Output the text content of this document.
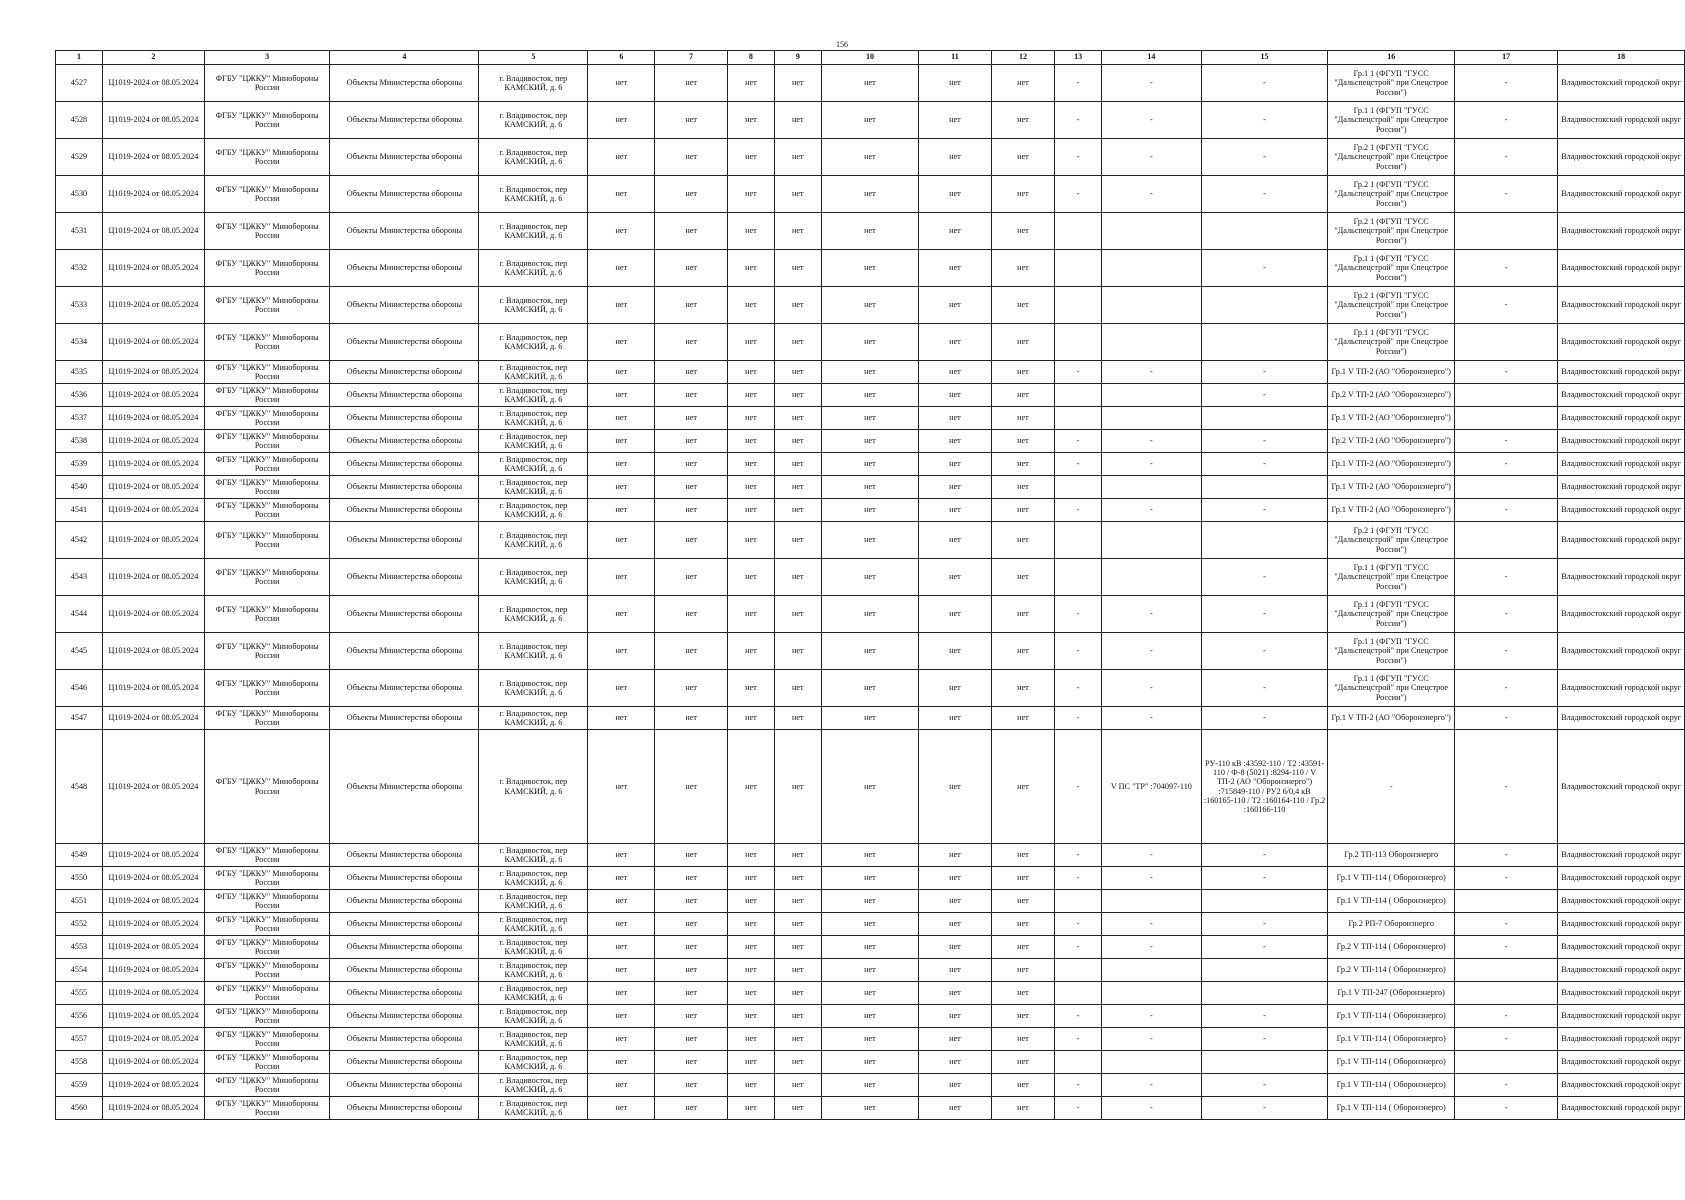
156
1	2	3	4	5	6	7	8	9	10	11	12	13	14	15	16	17	18
4527	Ц1019-2024 от 08.05.2024	ФГБУ "ЦЖКУ" Минобороны России	Объекты Министерства обороны	г. Владивосток, пер КАМСКИЙ, д. 6	нет	нет	нет	нет	нет	нет	нет	-	-	-	Гр.1 1 (ФГУП "ГУСС "Дальспецстрой" при Спецстрое России")	-	Владивостокский городской округ
4528	Ц1019-2024 от 08.05.2024	ФГБУ "ЦЖКУ" Минобороны России	Объекты Министерства обороны	г. Владивосток, пер КАМСКИЙ, д. 6	нет	нет	нет	нет	нет	нет	нет	-	-	-	Гр.1 1 (ФГУП "ГУСС "Дальспецстрой" при Спецстрое России")	-	Владивостокский городской округ
4529	Ц1019-2024 от 08.05.2024	ФГБУ "ЦЖКУ" Минобороны России	Объекты Министерства обороны	г. Владивосток, пер КАМСКИЙ, д. 6	нет	нет	нет	нет	нет	нет	нет	-	-	-	Гр.2 1 (ФГУП "ГУСС "Дальспецстрой" при Спецстрое России")	-	Владивостокский городской округ
4530	Ц1019-2024 от 08.05.2024	ФГБУ "ЦЖКУ" Минобороны России	Объекты Министерства обороны	г. Владивосток, пер КАМСКИЙ, д. 6	нет	нет	нет	нет	нет	нет	нет	-	-	-	Гр.2 1 (ФГУП "ГУСС "Дальспецстрой" при Спецстрое России")	-	Владивостокский городской округ
4531	Ц1019-2024 от 08.05.2024	ФГБУ "ЦЖКУ" Минобороны России	Объекты Министерства обороны	г. Владивосток, пер КАМСКИЙ, д. 6	нет	нет	нет	нет	нет	нет	нет				Гр.2 1 (ФГУП "ГУСС "Дальспецстрой" при Спецстрое России")		Владивостокский городской округ
4532	Ц1019-2024 от 08.05.2024	ФГБУ "ЦЖКУ" Минобороны России	Объекты Министерства обороны	г. Владивосток, пер КАМСКИЙ, д. 6	нет	нет	нет	нет	нет	нет	нет			-	Гр.1 1 (ФГУП "ГУСС "Дальспецстрой" при Спецстрое России")	-	Владивостокский городской округ
4533	Ц1019-2024 от 08.05.2024	ФГБУ "ЦЖКУ" Минобороны России	Объекты Министерства обороны	г. Владивосток, пер КАМСКИЙ, д. 6	нет	нет	нет	нет	нет	нет	нет				Гр.2 1 (ФГУП "ГУСС "Дальспецстрой" при Спецстрое России")	-	Владивостокский городской округ
4534	Ц1019-2024 от 08.05.2024	ФГБУ "ЦЖКУ" Минобороны России	Объекты Министерства обороны	г. Владивосток, пер КАМСКИЙ, д. 6	нет	нет	нет	нет	нет	нет	нет				Гр.1 1 (ФГУП "ГУСС "Дальспецстрой" при Спецстрое России")		Владивостокский городской округ
4535	Ц1019-2024 от 08.05.2024	ФГБУ "ЦЖКУ" Минобороны России	Объекты Министерства обороны	г. Владивосток, пер КАМСКИЙ, д. 6	нет	нет	нет	нет	нет	нет	нет	-	-	-	Гр.1 V ТП-2 (АО "Оборонэнерго")	-	Владивостокский городской округ
4536	Ц1019-2024 от 08.05.2024	ФГБУ "ЦЖКУ" Минобороны России	Объекты Министерства обороны	г. Владивосток, пер КАМСКИЙ, д. 6	нет	нет	нет	нет	нет	нет	нет			-	Гр.2 V ТП-2 (АО "Оборонэнерго")		Владивостокский городской округ
4537	Ц1019-2024 от 08.05.2024	ФГБУ "ЦЖКУ" Минобороны России	Объекты Министерства обороны	г. Владивосток, пер КАМСКИЙ, д. 6	нет	нет	нет	нет	нет	нет	нет				Гр.1 V ТП-2 (АО "Оборонэнерго")		Владивостокский городской округ
4538	Ц1019-2024 от 08.05.2024	ФГБУ "ЦЖКУ" Минобороны России	Объекты Министерства обороны	г. Владивосток, пер КАМСКИЙ, д. 6	нет	нет	нет	нет	нет	нет	нет	-	-	-	Гр.2 V ТП-2 (АО "Оборонэнерго")	-	Владивостокский городской округ
4539	Ц1019-2024 от 08.05.2024	ФГБУ "ЦЖКУ" Минобороны России	Объекты Министерства обороны	г. Владивосток, пер КАМСКИЙ, д. 6	нет	нет	нет	нет	нет	нет	нет	-	-	-	Гр.1 V ТП-2 (АО "Оборонэнерго")	-	Владивостокский городской округ
4540	Ц1019-2024 от 08.05.2024	ФГБУ "ЦЖКУ" Минобороны России	Объекты Министерства обороны	г. Владивосток, пер КАМСКИЙ, д. 6	нет	нет	нет	нет	нет	нет	нет				Гр.1 V ТП-2 (АО "Оборонэнерго")		Владивостокский городской округ
4541	Ц1019-2024 от 08.05.2024	ФГБУ "ЦЖКУ" Минобороны России	Объекты Министерства обороны	г. Владивосток, пер КАМСКИЙ, д. 6	нет	нет	нет	нет	нет	нет	нет	-	-	-	Гр.1 V ТП-2 (АО "Оборонэнерго")	-	Владивостокский городской округ
4542	Ц1019-2024 от 08.05.2024	ФГБУ "ЦЖКУ" Минобороны России	Объекты Министерства обороны	г. Владивосток, пер КАМСКИЙ, д. 6	нет	нет	нет	нет	нет	нет	нет				Гр.2 1 (ФГУП "ГУСС "Дальспецстрой" при Спецстрое России")		Владивостокский городской округ
4543	Ц1019-2024 от 08.05.2024	ФГБУ "ЦЖКУ" Минобороны России	Объекты Министерства обороны	г. Владивосток, пер КАМСКИЙ, д. 6	нет	нет	нет	нет	нет	нет	нет			-	Гр.1 1 (ФГУП "ГУСС "Дальспецстрой" при Спецстрое России")	-	Владивостокский городской округ
4544	Ц1019-2024 от 08.05.2024	ФГБУ "ЦЖКУ" Минобороны России	Объекты Министерства обороны	г. Владивосток, пер КАМСКИЙ, д. 6	нет	нет	нет	нет	нет	нет	нет	-	-	-	Гр.1 1 (ФГУП "ГУСС "Дальспецстрой" при Спецстрое России")	-	Владивостокский городской округ
4545	Ц1019-2024 от 08.05.2024	ФГБУ "ЦЖКУ" Минобороны России	Объекты Министерства обороны	г. Владивосток, пер КАМСКИЙ, д. 6	нет	нет	нет	нет	нет	нет	нет	-	-	-	Гр.1 1 (ФГУП "ГУСС "Дальспецстрой" при Спецстрое России")	-	Владивостокский городской округ
4546	Ц1019-2024 от 08.05.2024	ФГБУ "ЦЖКУ" Минобороны России	Объекты Министерства обороны	г. Владивосток, пер КАМСКИЙ, д. 6	нет	нет	нет	нет	нет	нет	нет	-	-	-	Гр.1 1 (ФГУП "ГУСС "Дальспецстрой" при Спецстрое России")	-	Владивостокский городской округ
4547	Ц1019-2024 от 08.05.2024	ФГБУ "ЦЖКУ" Минобороны России	Объекты Министерства обороны	г. Владивосток, пер КАМСКИЙ, д. 6	нет	нет	нет	нет	нет	нет	нет	-	-	-	Гр.1 V ТП-2 (АО "Оборонэнерго")	-	Владивостокский городской округ
4548	Ц1019-2024 от 08.05.2024	ФГБУ "ЦЖКУ" Минобороны России	Объекты Министерства обороны	г. Владивосток, пер КАМСКИЙ, д. 6	нет	нет	нет	нет	нет	нет	нет	-	V ПС "ТР" :704097-110	РУ-110 кВ :43592-110 / Т2 :43591-110 / Ф-8 (5021) :8294-110 / V ТП-2 (АО "Оборонэнерго") :715849-110 / РУ2 6/0,4 кВ :160165-110 / Т2 :160164-110 / Гр.2 :160166-110	-	-	Владивостокский городской округ
4549	Ц1019-2024 от 08.05.2024	ФГБУ "ЦЖКУ" Минобороны России	Объекты Министерства обороны	г. Владивосток, пер КАМСКИЙ, д. 6	нет	нет	нет	нет	нет	нет	нет	-	-	-	Гр.2 ТП-113 Оборонэнерго	-	Владивостокский городской округ
4550	Ц1019-2024 от 08.05.2024	ФГБУ "ЦЖКУ" Минобороны России	Объекты Министерства обороны	г. Владивосток, пер КАМСКИЙ, д. 6	нет	нет	нет	нет	нет	нет	нет	-	-	-	Гр.1 V ТП-114 ( Оборонэнерго)	-	Владивостокский городской округ
4551	Ц1019-2024 от 08.05.2024	ФГБУ "ЦЖКУ" Минобороны России	Объекты Министерства обороны	г. Владивосток, пер КАМСКИЙ, д. 6	нет	нет	нет	нет	нет	нет	нет				Гр.1 V ТП-114 ( Оборонэнерго)		Владивостокский городской округ
4552	Ц1019-2024 от 08.05.2024	ФГБУ "ЦЖКУ" Минобороны России	Объекты Министерства обороны	г. Владивосток, пер КАМСКИЙ, д. 6	нет	нет	нет	нет	нет	нет	нет	-	-	-	Гр.2 РП-7 Оборонэнерго	-	Владивостокский городской округ
4553	Ц1019-2024 от 08.05.2024	ФГБУ "ЦЖКУ" Минобороны России	Объекты Министерства обороны	г. Владивосток, пер КАМСКИЙ, д. 6	нет	нет	нет	нет	нет	нет	нет	-	-	-	Гр.2 V ТП-114 ( Оборонэнерго)	-	Владивостокский городской округ
4554	Ц1019-2024 от 08.05.2024	ФГБУ "ЦЖКУ" Минобороны России	Объекты Министерства обороны	г. Владивосток, пер КАМСКИЙ, д. 6	нет	нет	нет	нет	нет	нет	нет				Гр.2 V ТП-114 ( Оборонэнерго)		Владивостокский городской округ
4555	Ц1019-2024 от 08.05.2024	ФГБУ "ЦЖКУ" Минобороны России	Объекты Министерства обороны	г. Владивосток, пер КАМСКИЙ, д. 6	нет	нет	нет	нет	нет	нет	нет				Гр.1 V ТП-247 (Оборонэнерго)		Владивостокский городской округ
4556	Ц1019-2024 от 08.05.2024	ФГБУ "ЦЖКУ" Минобороны России	Объекты Министерства обороны	г. Владивосток, пер КАМСКИЙ, д. 6	нет	нет	нет	нет	нет	нет	нет	-	-	-	Гр.1 V ТП-114 ( Оборонэнерго)	-	Владивостокский городской округ
4557	Ц1019-2024 от 08.05.2024	ФГБУ "ЦЖКУ" Минобороны России	Объекты Министерства обороны	г. Владивосток, пер КАМСКИЙ, д. 6	нет	нет	нет	нет	нет	нет	нет	-	-	-	Гр.1 V ТП-114 ( Оборонэнерго)	-	Владивостокский городской округ
4558	Ц1019-2024 от 08.05.2024	ФГБУ "ЦЖКУ" Минобороны России	Объекты Министерства обороны	г. Владивосток, пер КАМСКИЙ, д. 6	нет	нет	нет	нет	нет	нет	нет				Гр.1 V ТП-114 ( Оборонэнерго)		Владивостокский городской округ
4559	Ц1019-2024 от 08.05.2024	ФГБУ "ЦЖКУ" Минобороны России	Объекты Министерства обороны	г. Владивосток, пер КАМСКИЙ, д. 6	нет	нет	нет	нет	нет	нет	нет	-	-	-	Гр.1 V ТП-114 ( Оборонэнерго)	-	Владивостокский городской округ
4560	Ц1019-2024 от 08.05.2024	ФГБУ "ЦЖКУ" Минобороны России	Объекты Министерства обороны	г. Владивосток, пер КАМСКИЙ, д. 6	нет	нет	нет	нет	нет	нет	нет	-	-	-	Гр.1 V ТП-114 ( Оборонэнерго)	-	Владивостокский городской округ
